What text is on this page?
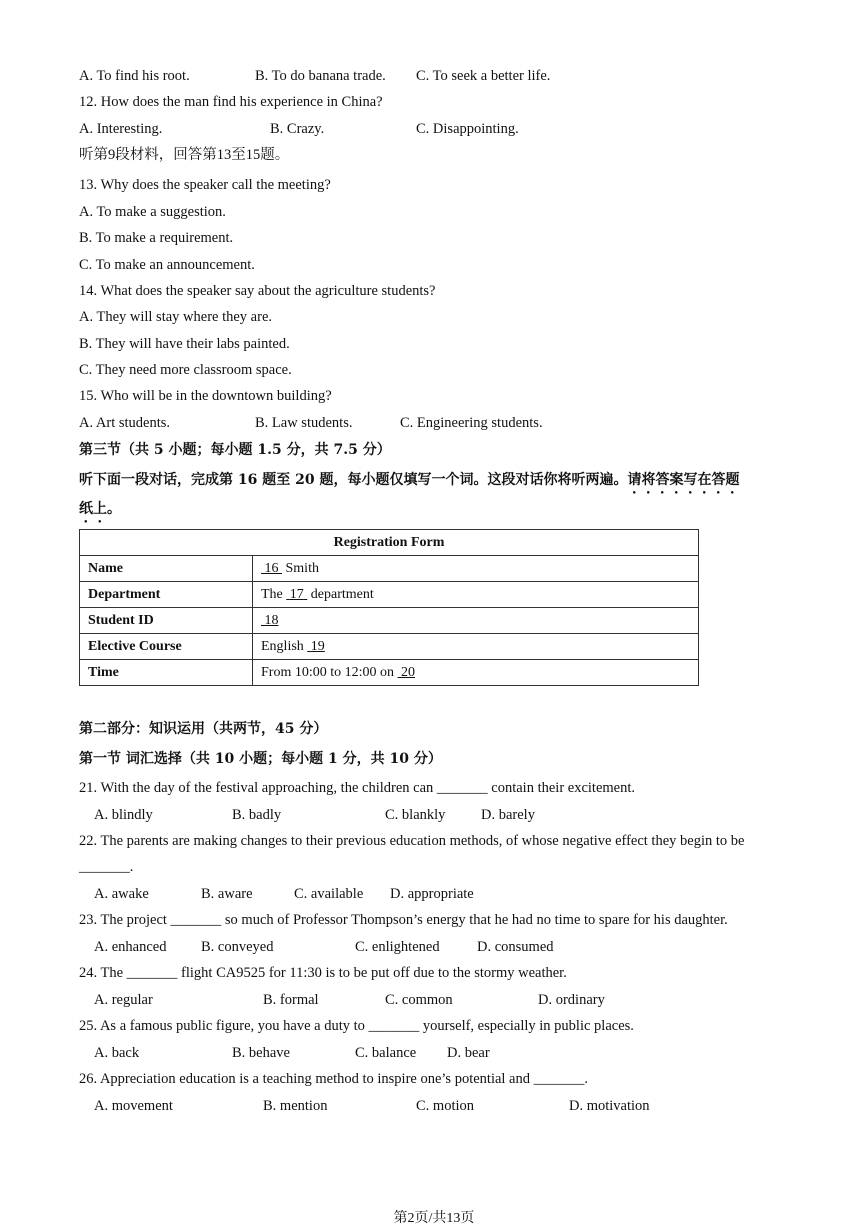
A. To find his root.	B. To do banana trade. C. To seek a better life.
12. How does the man find his experience in China?
A. Interesting.	B. Crazy.	C. Disappointing.
听第9段材料，回答第13至15题。
13. Why does the speaker call the meeting?
A. To make a suggestion.
B. To make a requirement.
C. To make an announcement.
14. What does the speaker say about the agriculture students?
A. They will stay where they are.
B. They will have their labs painted.
C. They need more classroom space.
15. Who will be in the downtown building?
A. Art students.	B. Law students.	C. Engineering students.
第三节（共 5 小题；每小题 1.5 分，共 7.5 分）
听下面一段对话，完成第 16 题至 20 题，每小题仅填写一个词。这段对话你将听两遍。请将答案写在答题
纸上。
Registration Form	
Name	16  Smith
Department	The  17  department
Student ID	18
Elective Course	English  19
Time	From 10:00 to 12:00 on  20
第二部分：知识运用（共两节，45 分）
第一节 词汇选择（共 10 小题；每小题 1 分，共 10 分）
21. With the day of the festival approaching, the children can _______ contain their excitement.
A. blindly	B. badly	C. blankly D. barely
22. The parents are making changes to their previous education methods, of whose negative effect they begin to be
_______.
A. awake	B. aware	C. available D. appropriate
23. The project _______ so much of Professor Thompson’s energy that he had no time to spare for his daughter.
A. enhanced B. conveyed	C. enlightened	D. consumed
24. The _______ flight CA9525 for 11:30 is to be put off due to the stormy weather.
A. regular	B. formal	C. common	D. ordinary
25. As a famous public figure, you have a duty to _______ yourself, especially in public places.
A. back	B. behave	C. balance D. bear
26. Appreciation education is a teaching method to inspire one’s potential and _______.
A. movement	B. mention	C. motion	D. motivation
第2页/共13页
